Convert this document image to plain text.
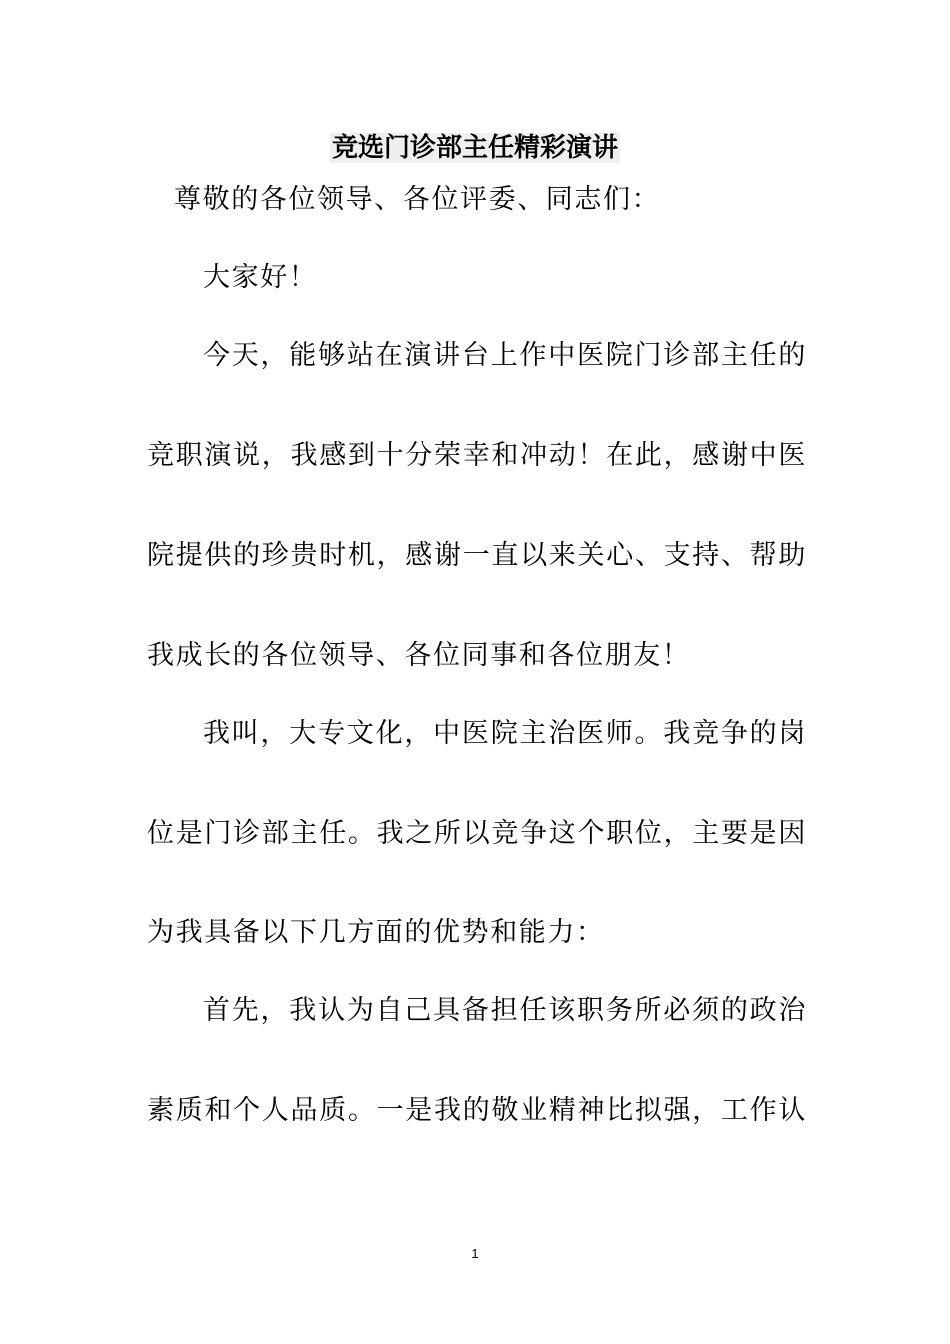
竞选门诊部主任精彩演讲
尊敬的各位领导、各位评委、同志们：
大家好！
今天，能够站在演讲台上作中医院门诊部主任的
竞职演说，我感到十分荣幸和冲动！在此，感谢中医
院提供的珍贵时机，感谢一直以来关心、支持、帮助
我成长的各位领导、各位同事和各位朋友！
我叫，大专文化，中医院主治医师。我竞争的岗
位是门诊部主任。我之所以竞争这个职位，主要是因
为我具备以下几方面的优势和能力：
首先，我认为自己具备担任该职务所必须的政治
素质和个人品质。一是我的敬业精神比拟强，工作认
1
